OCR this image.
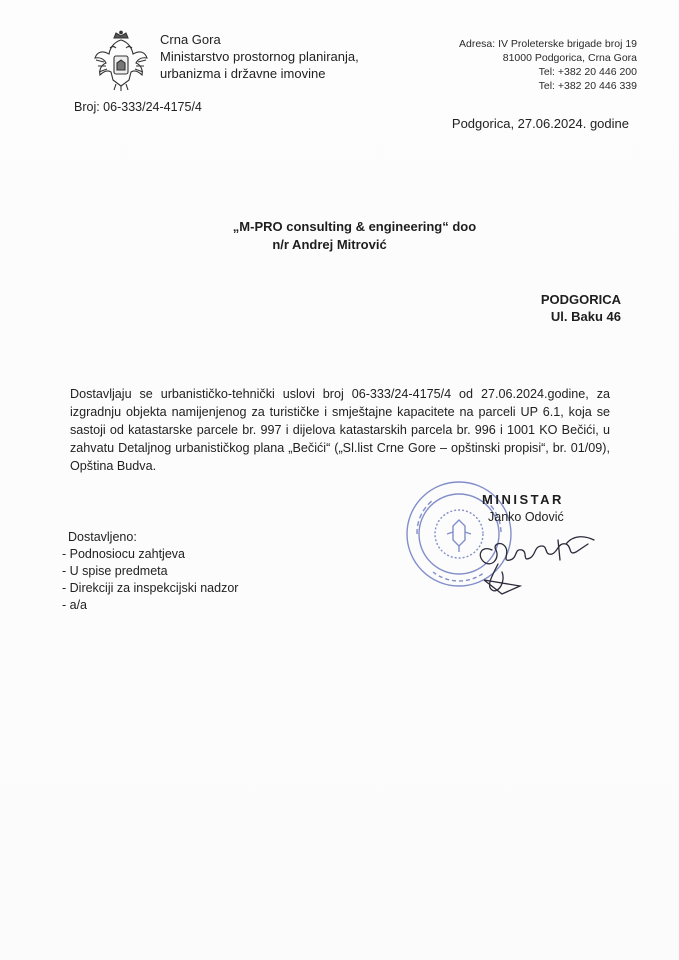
Crna Gora
Ministarstvo prostornog planiranja,
urbanizma i državne imovine
Adresa: IV Proleterske brigade broj 19
81000 Podgorica, Crna Gora
Tel: +382 20 446 200
Tel: +382 20 446 339
Broj: 06-333/24-4175/4
Podgorica, 27.06.2024. godine
„M-PRO consulting & engineering“ doo
n/r Andrej Mitrović
PODGORICA
Ul. Baku 46

Dostavljaju se urbanističko-tehnički uslovi broj 06-333/24-4175/4 od 27.06.2024.godine, za izgradnju objekta namijenjenog za turističke i smještajne kapacitete na parceli UP 6.1, koja se sastoji od katastarske parcele br. 997 i dijelova katastarskih parcela br. 996 i 1001 KO Bečići, u zahvatu Detaljnog urbanističkog plana „Bečići“ („Sl.list Crne Gore – opštinski propisi“, br. 01/09), Opština Budva.

MINISTAR
Janko Odović
Dostavljeno:
- Podnosiocu zahtjeva
- U spise predmeta
- Direkciji za inspekcijski nadzor
- a/a
